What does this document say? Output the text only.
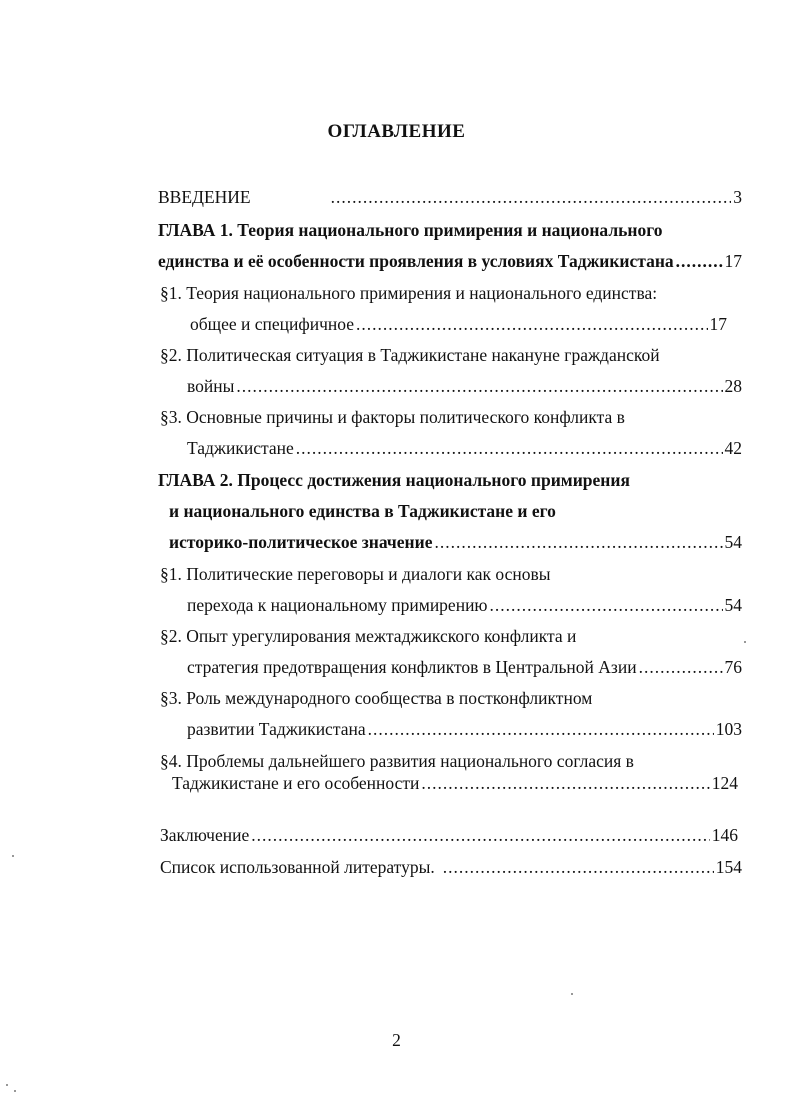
ОГЛАВЛЕНИЕ
ВВЕДЕНИЕ .....	3
ГЛАВА 1. Теория национального примирения и национального
единства и её особенности проявления в условиях Таджикистана .....	17
§1. Теория национального примирения и национального единства:
общее и специфичное .....	17
§2. Политическая ситуация в Таджикистане накануне гражданской
войны .....	28
§3. Основные причины и факторы политического конфликта в
Таджикистане .....	42
ГЛАВА 2. Процесс достижения национального примирения
и национального единства в Таджикистане и его
историко-политическое значение .....	54
§1. Политические переговоры и диалоги как основы
перехода к национальному примирению .....	54
§2. Опыт урегулирования межтаджикского конфликта и
стратегия предотвращения конфликтов в Центральной Азии .....	76
§3. Роль международного сообщества в постконфликтном
развитии Таджикистана .....	103
§4. Проблемы дальнейшего развития национального согласия в
Таджикистане и его особенности .....	124
Заключение .....	146
Список использованной литературы. .....	154
2
